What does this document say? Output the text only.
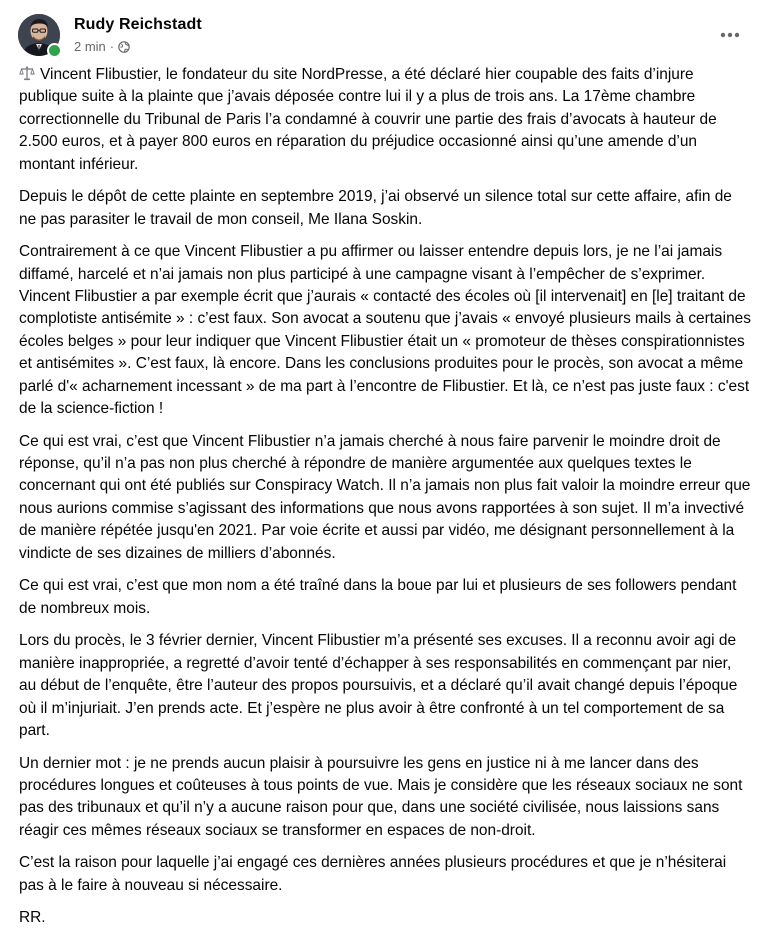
Rudy Reichstadt
2 min ·

Vincent Flibustier, le fondateur du site NordPresse, a été déclaré hier coupable des faits d’injure publique suite à la plainte que j’avais déposée contre lui il y a plus de trois ans. La 17ème chambre correctionnelle du Tribunal de Paris l’a condamné à couvrir une partie des frais d’avocats à hauteur de 2.500 euros, et à payer 800 euros en réparation du préjudice occasionné ainsi qu’une amende d’un montant inférieur.

Depuis le dépôt de cette plainte en septembre 2019, j’ai observé un silence total sur cette affaire, afin de ne pas parasiter le travail de mon conseil, Me Ilana Soskin.

Contrairement à ce que Vincent Flibustier a pu affirmer ou laisser entendre depuis lors, je ne l’ai jamais diffamé, harcelé et n’ai jamais non plus participé à une campagne visant à l’empêcher de s’exprimer. Vincent Flibustier a par exemple écrit que j’aurais « contacté des écoles où [il intervenait] en [le] traitant de complotiste antisémite » : c’est faux. Son avocat a soutenu que j’avais « envoyé plusieurs mails à certaines écoles belges » pour leur indiquer que Vincent Flibustier était un « promoteur de thèses conspirationnistes et antisémites ». C’est faux, là encore. Dans les conclusions produites pour le procès, son avocat a même parlé d'« acharnement incessant » de ma part à l’encontre de Flibustier. Et là, ce n’est pas juste faux : c'est de la science-fiction !

Ce qui est vrai, c’est que Vincent Flibustier n’a jamais cherché à nous faire parvenir le moindre droit de réponse, qu’il n’a pas non plus cherché à répondre de manière argumentée aux quelques textes le concernant qui ont été publiés sur Conspiracy Watch. Il n’a jamais non plus fait valoir la moindre erreur que nous aurions commise s’agissant des informations que nous avons rapportées à son sujet. Il m’a invectivé de manière répétée jusqu'en 2021. Par voie écrite et aussi par vidéo, me désignant personnellement à la vindicte de ses dizaines de milliers d’abonnés.

Ce qui est vrai, c’est que mon nom a été traîné dans la boue par lui et plusieurs de ses followers pendant de nombreux mois.

Lors du procès, le 3 février dernier, Vincent Flibustier m’a présenté ses excuses. Il a reconnu avoir agi de manière inappropriée, a regretté d’avoir tenté d’échapper à ses responsabilités en commençant par nier, au début de l’enquête, être l’auteur des propos poursuivis, et a déclaré qu’il avait changé depuis l’époque où il m’injuriait. J’en prends acte. Et j’espère ne plus avoir à être confronté à un tel comportement de sa part.

Un dernier mot : je ne prends aucun plaisir à poursuivre les gens en justice ni à me lancer dans des procédures longues et coûteuses à tous points de vue. Mais je considère que les réseaux sociaux ne sont pas des tribunaux et qu’il n’y a aucune raison pour que, dans une société civilisée, nous laissions sans réagir ces mêmes réseaux sociaux se transformer en espaces de non-droit.

C’est la raison pour laquelle j’ai engagé ces dernières années plusieurs procédures et que je n’hésiterai pas à le faire à nouveau si nécessaire.

RR.
